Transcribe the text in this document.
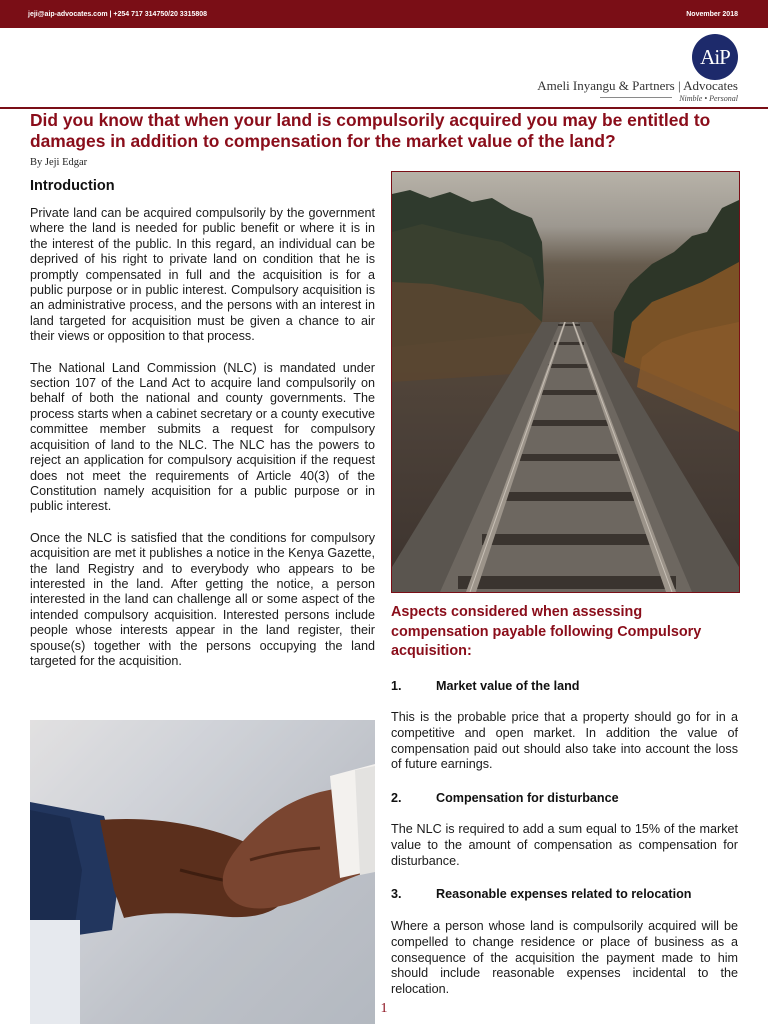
jeji@aip-advocates.com | +254 717 314750/20 3315808	November 2018
AiP
Ameli Inyangu & Partners | Advocates
Nimble • Personal
Did you know that when your land is compulsorily acquired you may be entitled to damages in addition to compensation for the market value of the land?

By Jeji Edgar

Introduction

Private land can be acquired compulsorily by the government where the land is needed for public benefit or where it is in the interest of the public. In this regard, an individual can be deprived of his right to private land on condition that he is promptly compensated in full and the acquisition is for a public purpose or in public interest. Compulsory acquisition is an administrative process, and the persons with an interest in land targeted for acquisition must be given a chance to air their views or opposition to that process.

The National Land Commission (NLC) is mandated under section 107 of the Land Act to acquire land compulsorily on behalf of both the national and county governments. The process starts when a cabinet secretary or a county executive committee member submits a request for compulsory acquisition of land to the NLC. The NLC has the powers to reject an application for compulsory acquisition if the request does not meet the requirements of Article 40(3) of the Constitution namely acquisition for a public purpose or in public interest.

Once the NLC is satisfied that the conditions for compulsory acquisition are met it publishes a notice in the Kenya Gazette, the land Registry and to everybody who appears to be interested in the land. After getting the notice, a person interested in the land can challenge all or some aspect of the intended compulsory acquisition. Interested persons include people whose interests appear in the land register, their spouse(s) together with the persons occupying the land targeted for the acquisition.

Aspects considered when assessing compensation payable following Compulsory acquisition:
1.	Market value of the land

This is the probable price that a property should go for in a competitive and open market. In addition the value of compensation paid out should also take into account the loss of future earnings.

2.	Compensation for disturbance

The NLC is required to add a sum equal to 15% of the market value to the amount of compensation as compensation for disturbance.

3.	Reasonable expenses related to relocation

Where a person whose land is compulsorily acquired will be compelled to change residence or place of business as a consequence of the acquisition the payment made to him should include reasonable expenses incidental to the relocation.

1
